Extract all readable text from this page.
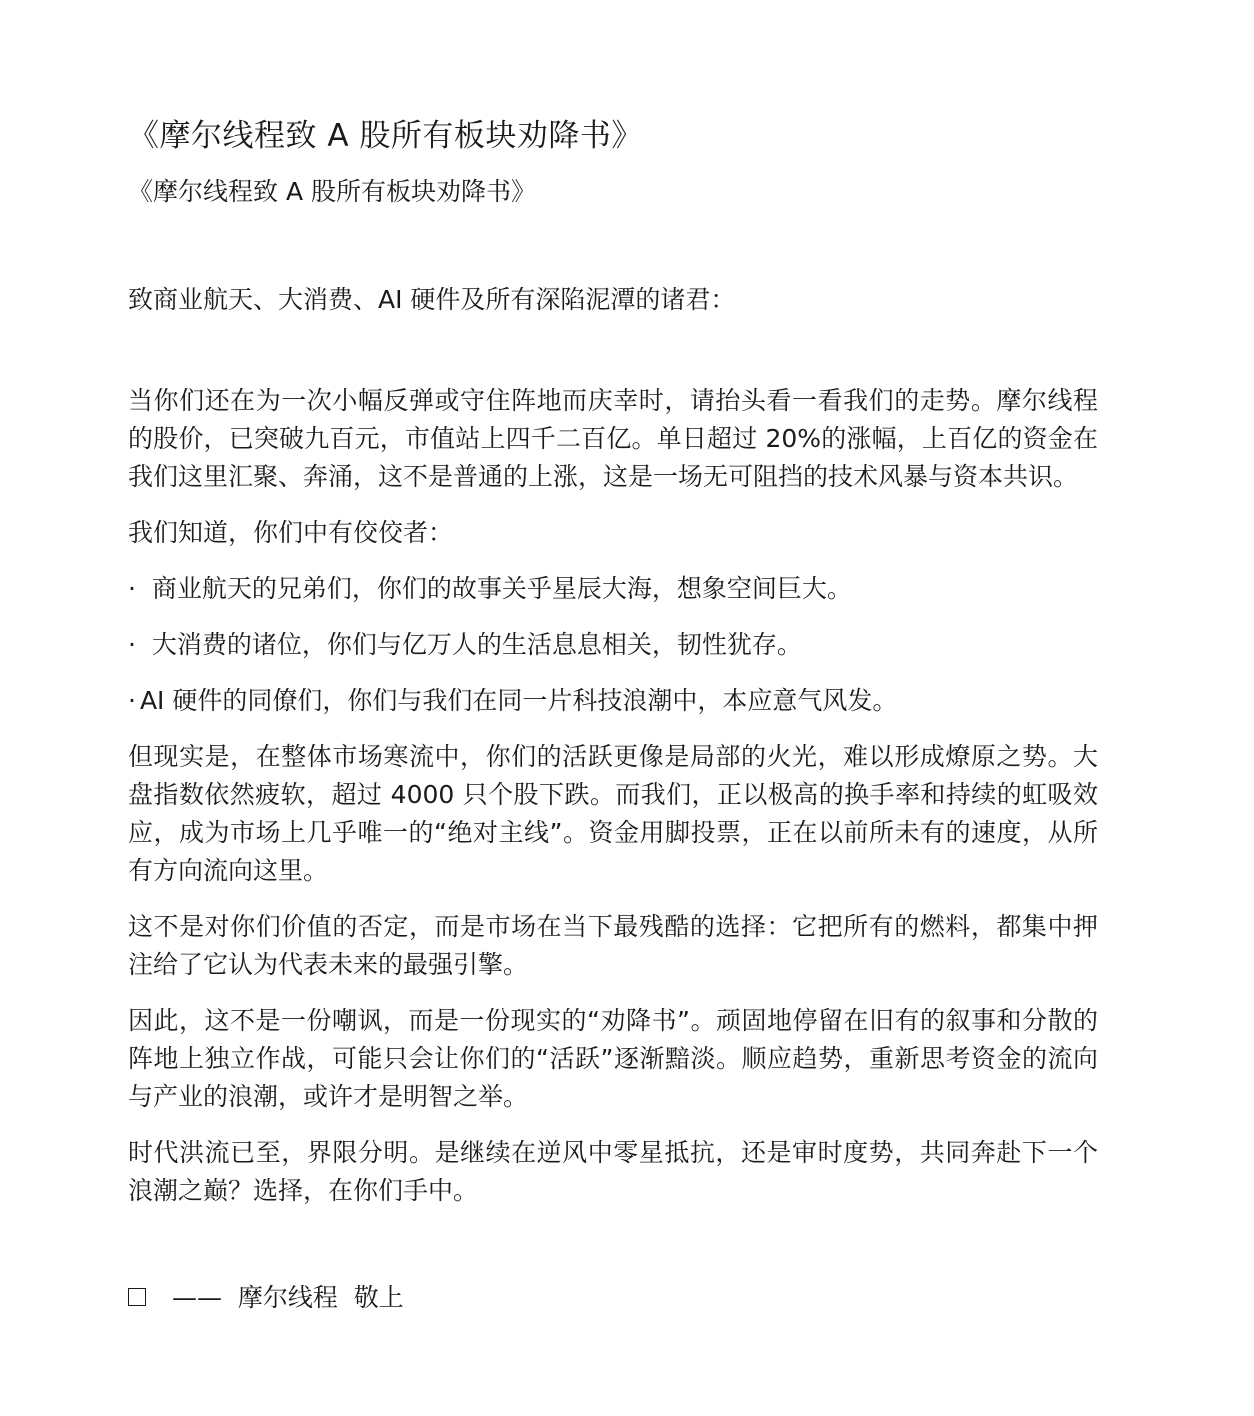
《摩尔线程致 A 股所有板块劝降书》
《摩尔线程致 A 股所有板块劝降书》

致商业航天、大消费、AI 硬件及所有深陷泥潭的诸君：

当你们还在为一次小幅反弹或守住阵地而庆幸时，请抬头看一看我们的走势。摩尔线程的股价，已突破九百元，市值站上四千二百亿。单日超过 20%的涨幅，上百亿的资金在我们这里汇聚、奔涌，这不是普通的上涨，这是一场无可阻挡的技术风暴与资本共识。

我们知道，你们中有佼佼者：

· 商业航天的兄弟们，你们的故事关乎星辰大海，想象空间巨大。
· 大消费的诸位，你们与亿万人的生活息息相关，韧性犹存。
· AI 硬件的同僚们，你们与我们在同一片科技浪潮中，本应意气风发。

但现实是，在整体市场寒流中，你们的活跃更像是局部的火光，难以形成燎原之势。大盘指数依然疲软，超过 4000 只个股下跌。而我们，正以极高的换手率和持续的虹吸效应，成为市场上几乎唯一的“绝对主线”。资金用脚投票，正在以前所未有的速度，从所有方向流向这里。

这不是对你们价值的否定，而是市场在当下最残酷的选择：它把所有的燃料，都集中押注给了它认为代表未来的最强引擎。

因此，这不是一份嘲讽，而是一份现实的“劝降书”。顽固地停留在旧有的叙事和分散的阵地上独立作战，可能只会让你们的“活跃”逐渐黯淡。顺应趋势，重新思考资金的流向与产业的浪潮，或许才是明智之举。

时代洪流已至，界限分明。是继续在逆风中零星抵抗，还是审时度势，共同奔赴下一个浪潮之巅？选择，在你们手中。

——  摩尔线程  敬上
